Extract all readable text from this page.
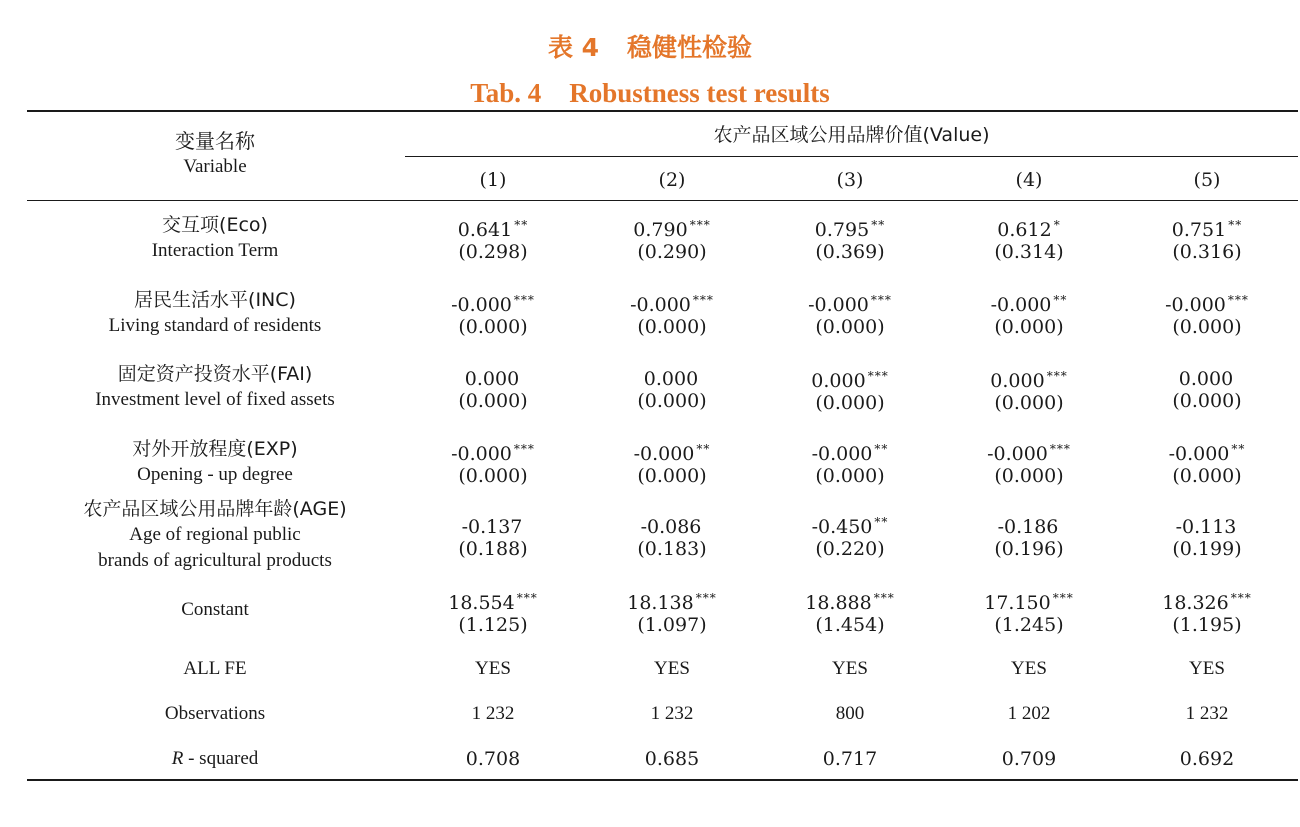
表 4 稳健性检验
Tab. 4 Robustness test results
变量名称
Variable
农产品区域公用品牌价值(Value)
(1)	(2)	(3)	(4)	(5)
交互项(Eco)
Interaction Term
0.641 **	0.790 ***	0.795 **	0.612 *	0.751 **
(0.298)	(0.290)	(0.369)	(0.314)	(0.316)
居民生活水平(INC)
Living standard of residents
-0.000 ***	-0.000 ***	-0.000 ***	-0.000 **	-0.000 ***
(0.000)	(0.000)	(0.000)	(0.000)	(0.000)
固定资产投资水平(FAI)
Investment level of fixed assets
0.000	0.000	0.000 ***	0.000 ***	0.000
(0.000)	(0.000)	(0.000)	(0.000)	(0.000)
对外开放程度(EXP)
Opening - up degree
-0.000 ***	-0.000 **	-0.000 **	-0.000 ***	-0.000 **
(0.000)	(0.000)	(0.000)	(0.000)	(0.000)
农产品区域公用品牌年龄(AGE)
Age of regional public
brands of agricultural products
-0.137	-0.086	-0.450 **	-0.186	-0.113
(0.188)	(0.183)	(0.220)	(0.196)	(0.199)
Constant	18.554 ***	18.138 ***	18.888 ***	17.150 ***	18.326 ***
(1.125)	(1.097)	(1.454)	(1.245)	(1.195)
ALL FE	YES	YES	YES	YES	YES
Observations	1 232	1 232	800	1 202	1 232
R - squared	0.708	0.685	0.717	0.709	0.692
